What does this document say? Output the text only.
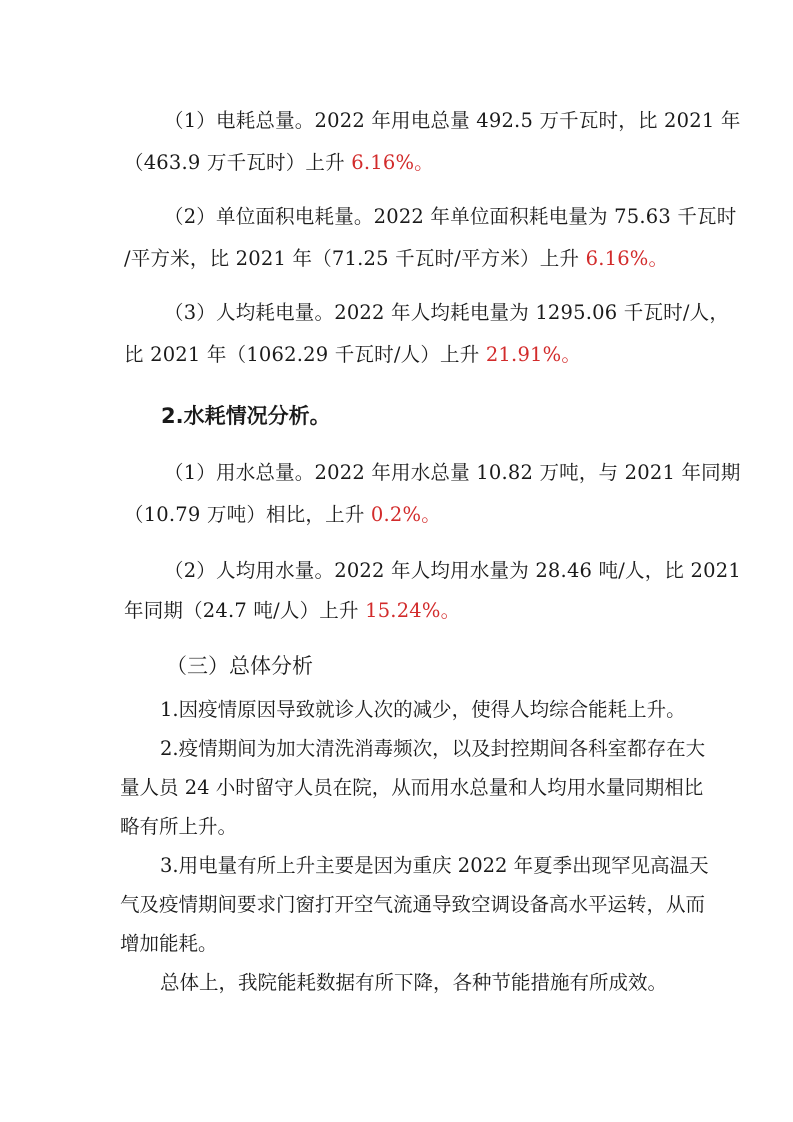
（1）电耗总量。2022 年用电总量 492.5 万千瓦时，比 2021 年
（463.9 万千瓦时）上升 6.16%。
（2）单位面积电耗量。2022 年单位面积耗电量为 75.63 千瓦时
/平方米，比 2021 年（71.25 千瓦时/平方米）上升 6.16%。
（3）人均耗电量。2022 年人均耗电量为 1295.06 千瓦时/人，
比 2021 年（1062.29 千瓦时/人）上升 21.91%。
2.水耗情况分析。
（1）用水总量。2022 年用水总量 10.82 万吨，与 2021 年同期
（10.79 万吨）相比，上升 0.2%。
（2）人均用水量。2022 年人均用水量为 28.46 吨/人，比 2021
年同期（24.7 吨/人）上升 15.24%。
（三）总体分析
1.因疫情原因导致就诊人次的减少，使得人均综合能耗上升。
2.疫情期间为加大清洗消毒频次，以及封控期间各科室都存在大
量人员 24 小时留守人员在院，从而用水总量和人均用水量同期相比
略有所上升。
3.用电量有所上升主要是因为重庆 2022 年夏季出现罕见高温天
气及疫情期间要求门窗打开空气流通导致空调设备高水平运转，从而
增加能耗。
总体上，我院能耗数据有所下降，各种节能措施有所成效。
